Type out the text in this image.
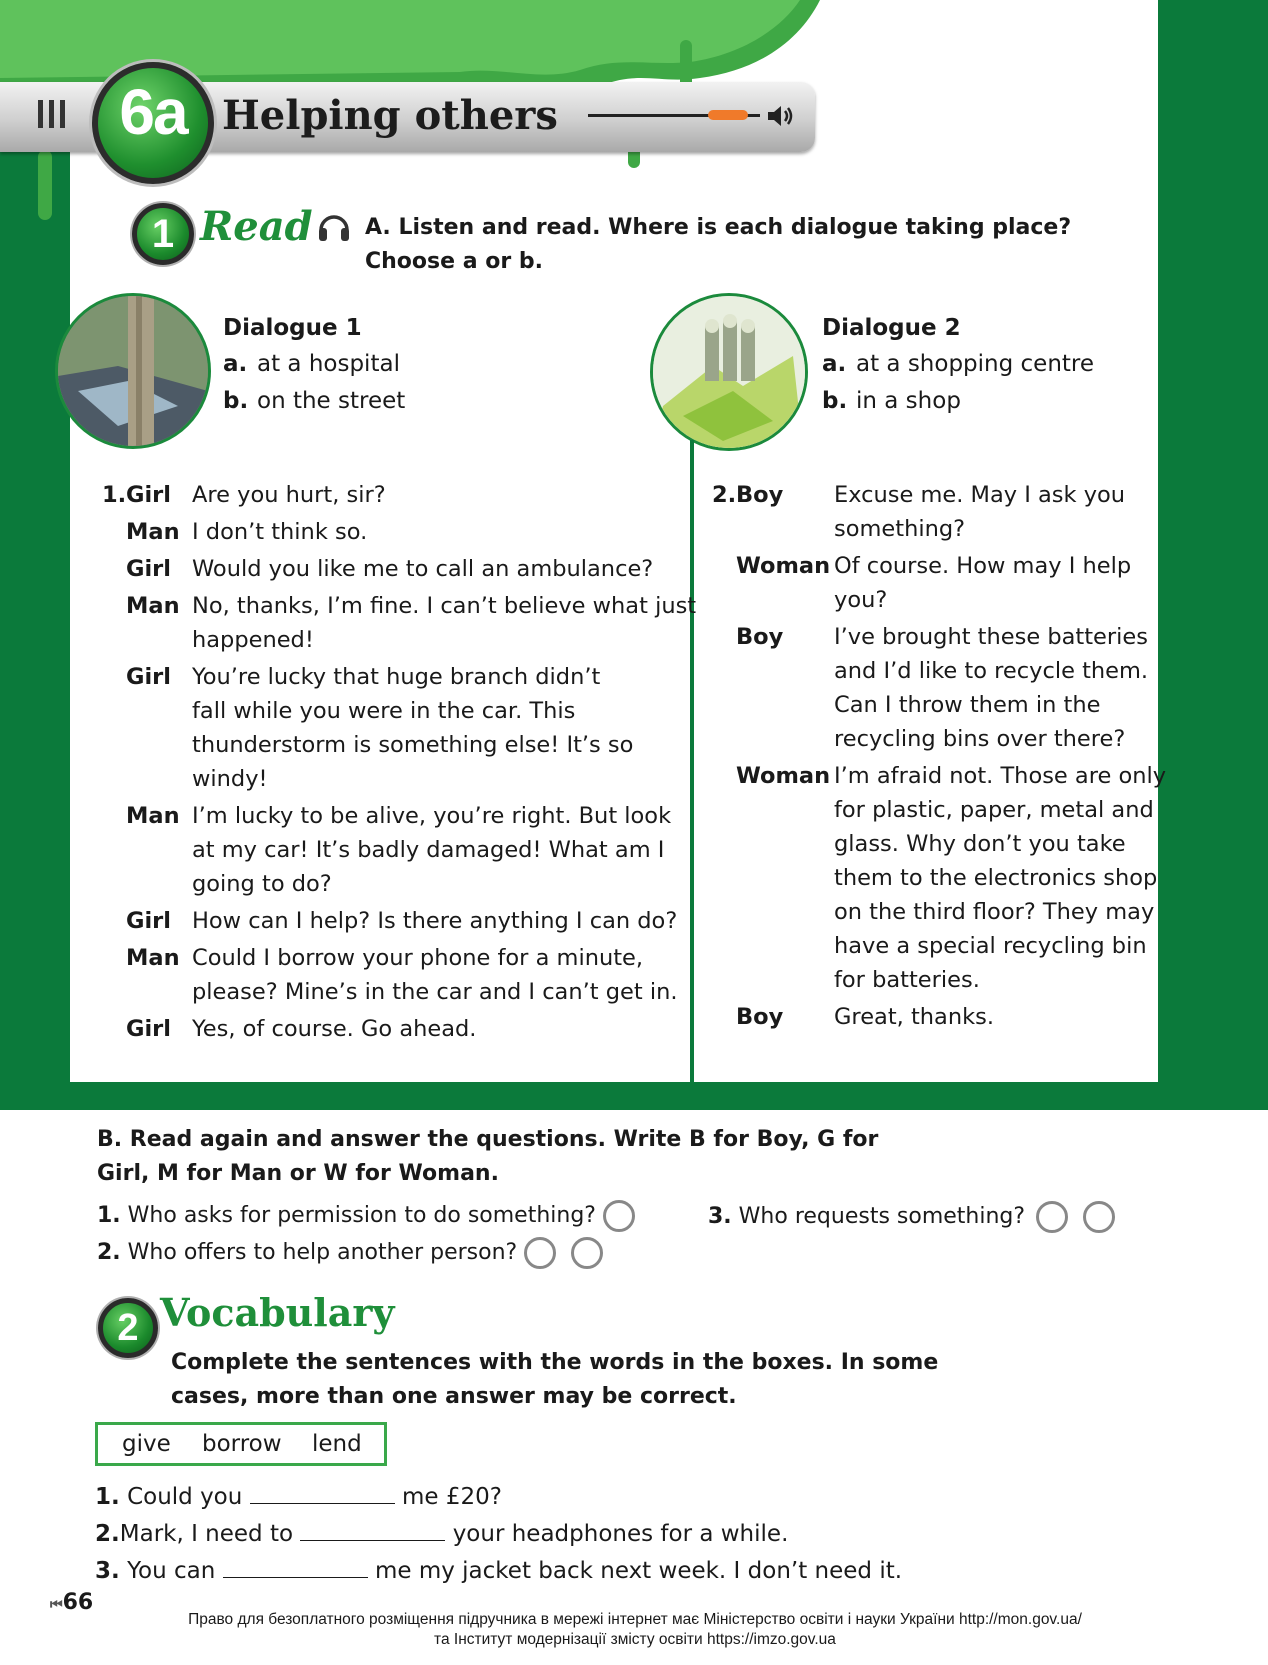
6a Helping others
1 Read A. Listen and read. Where is each dialogue taking place?
Choose a or b.
Dialogue 1
a. at a hospital
b. on the street
Dialogue 2
a. at a shopping centre
b. in a shop
1. Girl Are you hurt, sir?
Man I don’t think so.
Girl Would you like me to call an ambulance?
Man No, thanks, I’m fine. I can’t believe what just
happened!
Girl You’re lucky that huge branch didn’t
fall while you were in the car. This
thunderstorm is something else! It’s so
windy!
Man I’m lucky to be alive, you’re right. But look
at my car! It’s badly damaged! What am I
going to do?
Girl How can I help? Is there anything I can do?
Man Could I borrow your phone for a minute,
please? Mine’s in the car and I can’t get in.
Girl Yes, of course. Go ahead.
2. Boy Excuse me. May I ask you
something?
Woman Of course. How may I help
you?
Boy I’ve brought these batteries
and I’d like to recycle them.
Can I throw them in the
recycling bins over there?
Woman I’m afraid not. Those are only
for plastic, paper, metal and
glass. Why don’t you take
them to the electronics shop
on the third floor? They may
have a special recycling bin
for batteries.
Boy Great, thanks.
B. Read again and answer the questions. Write B for Boy, G for
Girl, M for Man or W for Woman.
1. Who asks for permission to do something?
2. Who offers to help another person?
3. Who requests something?
2 Vocabulary
Complete the sentences with the words in the boxes. In some
cases, more than one answer may be correct.
give borrow lend
1. Could you	me £20?
2.Mark, I need to	your headphones for a while.
3. You can	me my jacket back next week. I don’t need it.
⏮66
Право для безоплатного розміщення підручника в мережі інтернет має Міністерство освіти і науки України http://mon.gov.ua/
та Інститут модернізації змісту освіти https://imzo.gov.ua
